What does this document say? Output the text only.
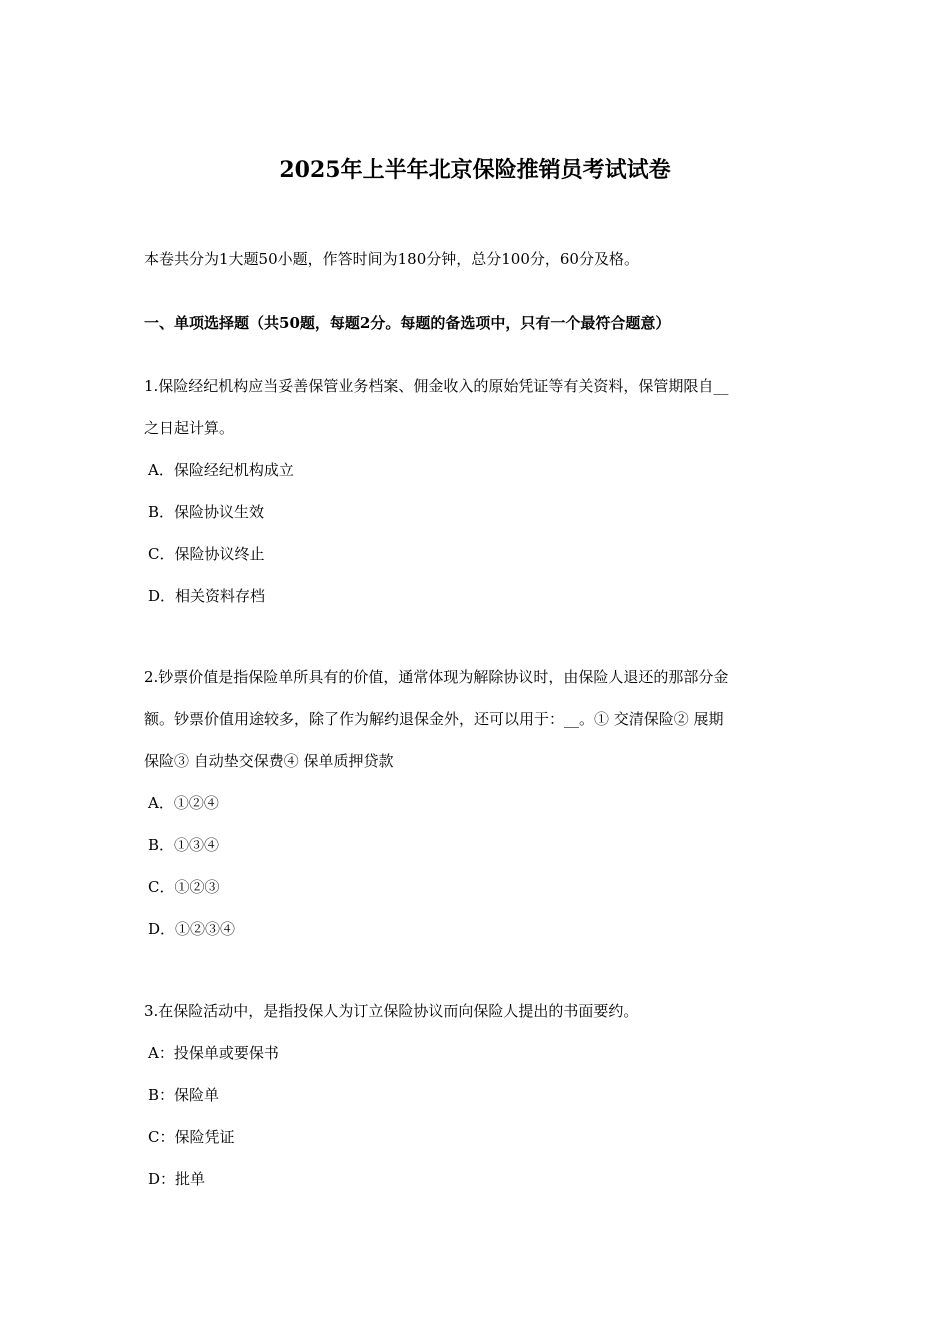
2025年上半年北京保险推销员考试试卷
本卷共分为1大题50小题，作答时间为180分钟，总分100分，60分及格。
一、单项选择题（共50题，每题2分。每题的备选项中，只有一个最符合题意）

1.保险经纪机构应当妥善保管业务档案、佣金收入的原始凭证等有关资料，保管期限自__
之日起计算。

A．保险经纪机构成立
B．保险协议生效
C．保险协议终止
D．相关资料存档

2.钞票价值是指保险单所具有的价值，通常体现为解除协议时，由保险人退还的那部分金
额。钞票价值用途较多，除了作为解约退保金外，还可以用于：__。① 交清保险② 展期
保险③ 自动垫交保费④ 保单质押贷款

A．①②④
B．①③④
C．①②③
D．①②③④

3.在保险活动中，是指投保人为订立保险协议而向保险人提出的书面要约。

A：投保单或要保书
B：保险单
C：保险凭证
D：批单
